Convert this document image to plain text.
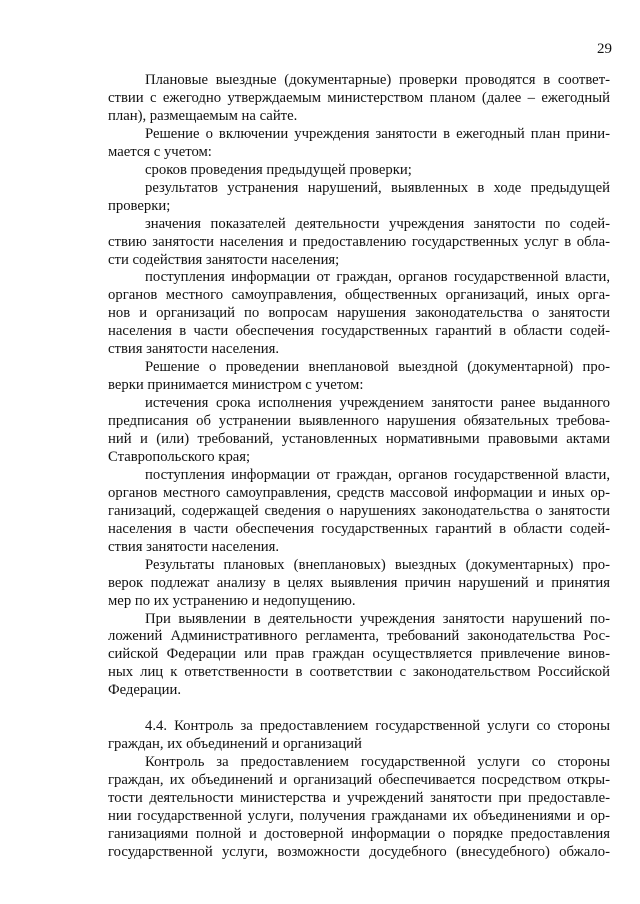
29
Плановые выездные (документарные) проверки проводятся в соответ-
ствии с ежегодно утверждаемым министерством планом (далее – ежегодный
план), размещаемым на сайте.
Решение о включении учреждения занятости в ежегодный план прини-
мается с учетом:
сроков проведения предыдущей проверки;
результатов устранения нарушений, выявленных в ходе предыдущей
проверки;
значения показателей деятельности учреждения занятости по содей-
ствию занятости населения и предоставлению государственных услуг в обла-
сти содействия занятости населения;
поступления информации от граждан, органов государственной власти,
органов местного самоуправления, общественных организаций, иных орга-
нов и организаций по вопросам нарушения законодательства о занятости
населения в части обеспечения государственных гарантий в области содей-
ствия занятости населения.
Решение о проведении внеплановой выездной (документарной) про-
верки принимается министром с учетом:
истечения срока исполнения учреждением занятости ранее выданного
предписания об устранении выявленного нарушения обязательных требова-
ний и (или) требований, установленных нормативными правовыми актами
Ставропольского края;
поступления информации от граждан, органов государственной власти,
органов местного самоуправления, средств массовой информации и иных ор-
ганизаций, содержащей сведения о нарушениях законодательства о занятости
населения в части обеспечения государственных гарантий в области содей-
ствия занятости населения.
Результаты плановых (внеплановых) выездных (документарных) про-
верок подлежат анализу в целях выявления причин нарушений и принятия
мер по их устранению и недопущению.
При выявлении в деятельности учреждения занятости нарушений по-
ложений Административного регламента, требований законодательства Рос-
сийской Федерации или прав граждан осуществляется привлечение винов-
ных лиц к ответственности в соответствии с законодательством Российской
Федерации.
4.4. Контроль за предоставлением государственной услуги со стороны
граждан, их объединений и организаций
Контроль за предоставлением государственной услуги со стороны
граждан, их объединений и организаций обеспечивается посредством откры-
тости деятельности министерства и учреждений занятости при предоставле-
нии государственной услуги, получения гражданами их объединениями и ор-
ганизациями полной и достоверной информации о порядке предоставления
государственной услуги, возможности досудебного (внесудебного) обжало-
